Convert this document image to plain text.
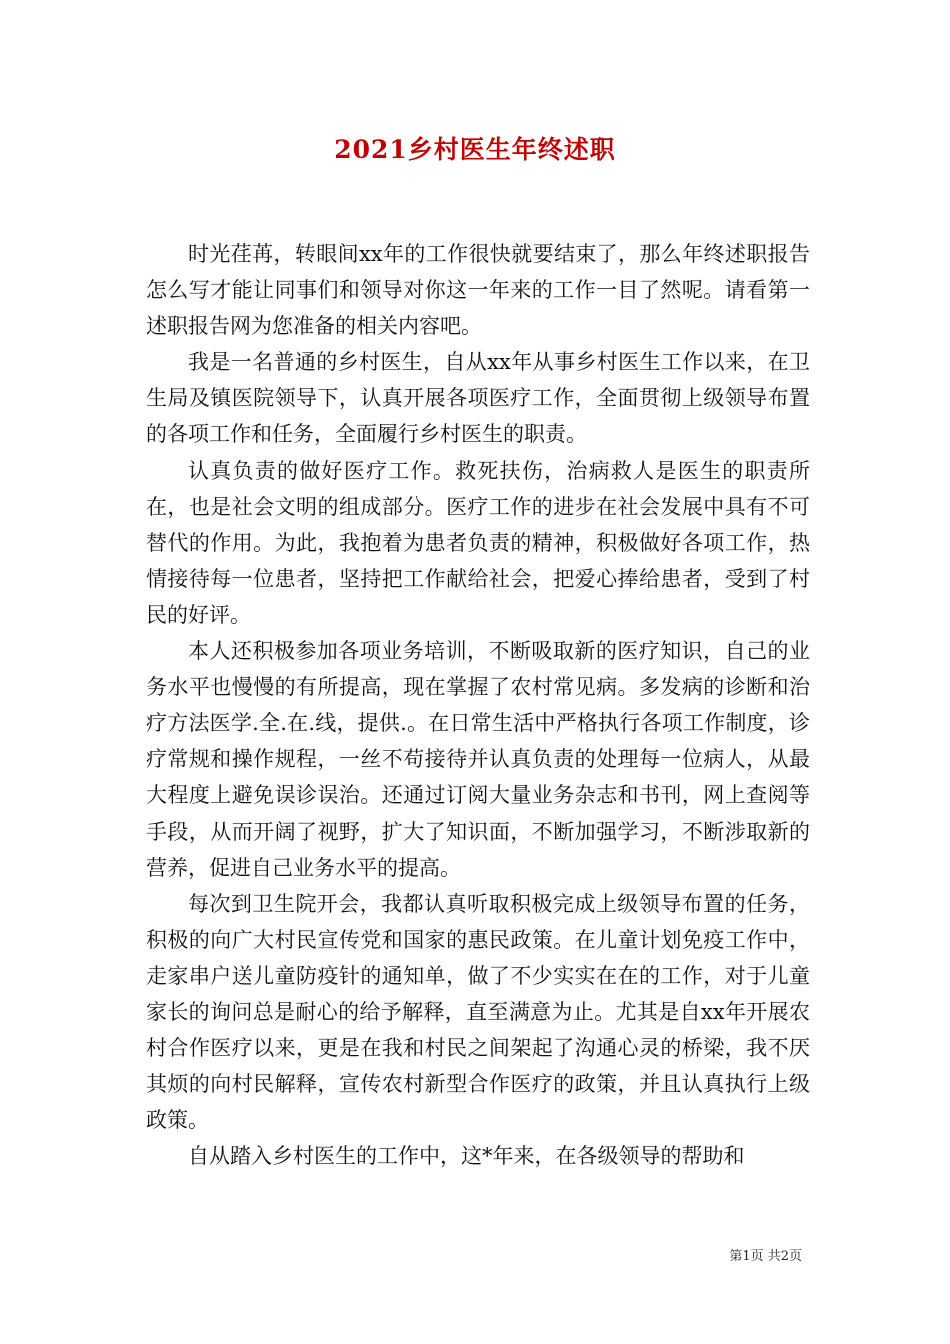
2021乡村医生年终述职

时光荏苒，转眼间xx年的工作很快就要结束了，那么年终述职报告怎么写才能让同事们和领导对你这一年来的工作一目了然呢。请看第一述职报告网为您准备的相关内容吧。

我是一名普通的乡村医生，自从xx年从事乡村医生工作以来，在卫生局及镇医院领导下，认真开展各项医疗工作，全面贯彻上级领导布置的各项工作和任务，全面履行乡村医生的职责。

认真负责的做好医疗工作。救死扶伤，治病救人是医生的职责所在，也是社会文明的组成部分。医疗工作的进步在社会发展中具有不可替代的作用。为此，我抱着为患者负责的精神，积极做好各项工作，热情接待每一位患者，坚持把工作献给社会，把爱心捧给患者，受到了村民的好评。

本人还积极参加各项业务培训，不断吸取新的医疗知识，自己的业务水平也慢慢的有所提高，现在掌握了农村常见病。多发病的诊断和治疗方法医学.全.在.线，提供.。在日常生活中严格执行各项工作制度，诊疗常规和操作规程，一丝不苟接待并认真负责的处理每一位病人，从最大程度上避免误诊误治。还通过订阅大量业务杂志和书刊，网上查阅等手段，从而开阔了视野，扩大了知识面，不断加强学习，不断涉取新的营养，促进自己业务水平的提高。

每次到卫生院开会，我都认真听取积极完成上级领导布置的任务，积极的向广大村民宣传党和国家的惠民政策。在儿童计划免疫工作中，走家串户送儿童防疫针的通知单，做了不少实实在在的工作，对于儿童家长的询问总是耐心的给予解释，直至满意为止。尤其是自xx年开展农村合作医疗以来，更是在我和村民之间架起了沟通心灵的桥梁，我不厌其烦的向村民解释，宣传农村新型合作医疗的政策，并且认真执行上级政策。

自从踏入乡村医生的工作中，这*年来，在各级领导的帮助和

第1页 共2页
